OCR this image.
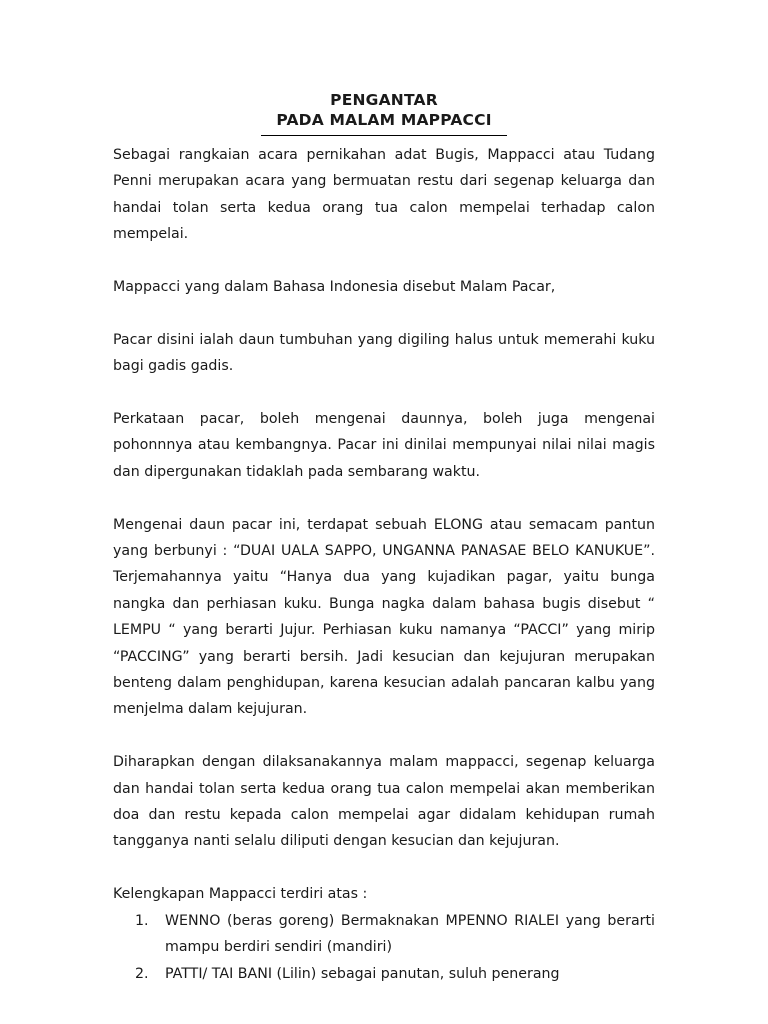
PENGANTAR
PADA MALAM MAPPACCI

Sebagai rangkaian acara pernikahan adat Bugis, Mappacci atau Tudang Penni merupakan acara yang bermuatan restu dari segenap keluarga dan handai tolan serta kedua orang tua calon mempelai terhadap calon mempelai.

Mappacci yang dalam Bahasa Indonesia disebut Malam Pacar,

Pacar disini ialah daun tumbuhan yang digiling halus untuk memerahi kuku bagi gadis gadis.

Perkataan pacar, boleh mengenai daunnya, boleh juga mengenai pohonnnya atau kembangnya. Pacar ini dinilai mempunyai nilai nilai magis dan dipergunakan tidaklah pada sembarang waktu.

Mengenai daun pacar ini, terdapat sebuah ELONG atau semacam pantun yang berbunyi : “DUAI UALA SAPPO, UNGANNA PANASAE BELO KANUKUE”. Terjemahannya yaitu “Hanya dua yang kujadikan pagar, yaitu bunga nangka dan perhiasan kuku. Bunga nagka dalam bahasa bugis disebut “ LEMPU “ yang berarti Jujur. Perhiasan kuku namanya “PACCI” yang mirip “PACCING” yang berarti bersih. Jadi kesucian dan kejujuran merupakan benteng dalam penghidupan, karena kesucian adalah pancaran kalbu yang menjelma dalam kejujuran.

Diharapkan dengan dilaksanakannya malam mappacci, segenap keluarga dan handai tolan serta kedua orang tua calon mempelai akan memberikan doa dan restu kepada calon mempelai agar didalam kehidupan rumah tangganya nanti selalu diliputi dengan kesucian dan kejujuran.

Kelengkapan Mappacci terdiri atas :

1. WENNO (beras goreng) Bermaknakan MPENNO RIALEI yang berarti mampu berdiri sendiri (mandiri)
2. PATTI/ TAI BANI (Lilin) sebagai panutan, suluh penerang
